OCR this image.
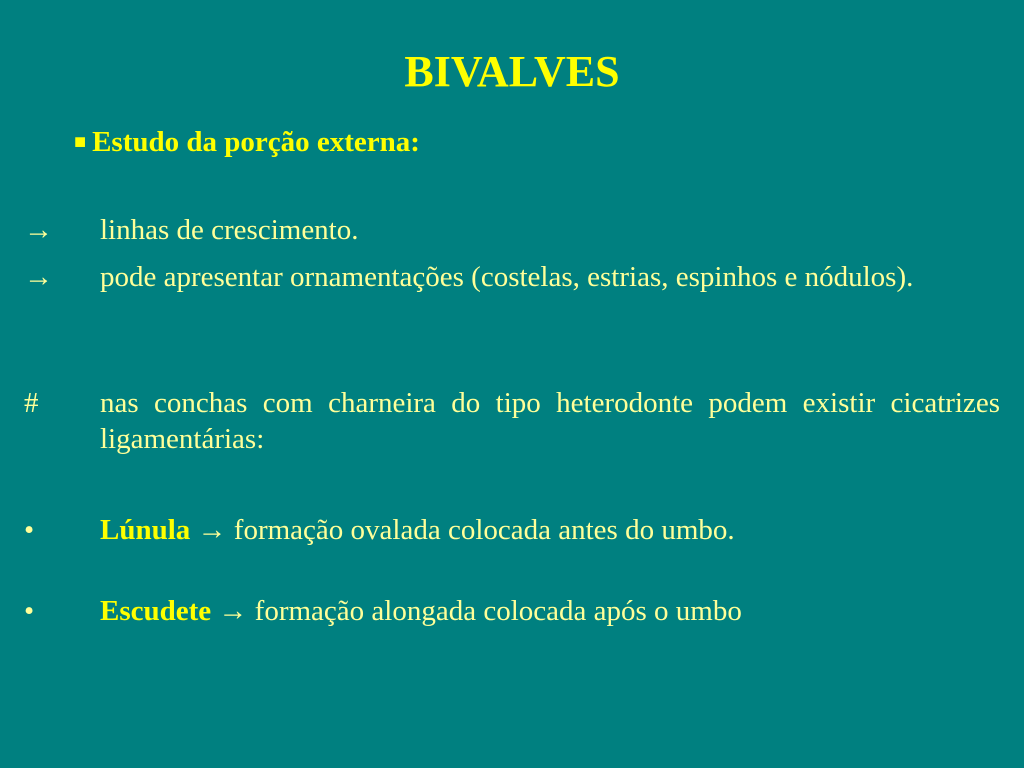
BIVALVES
■ Estudo da porção externa:
→ linhas de crescimento.
→ pode apresentar ornamentações (costelas, estrias, espinhos e nódulos).
# nas conchas com charneira do tipo heterodonte podem existir cicatrizes ligamentárias:
• Lúnula → formação ovalada colocada antes do umbo.
• Escudete → formação alongada colocada após o umbo
